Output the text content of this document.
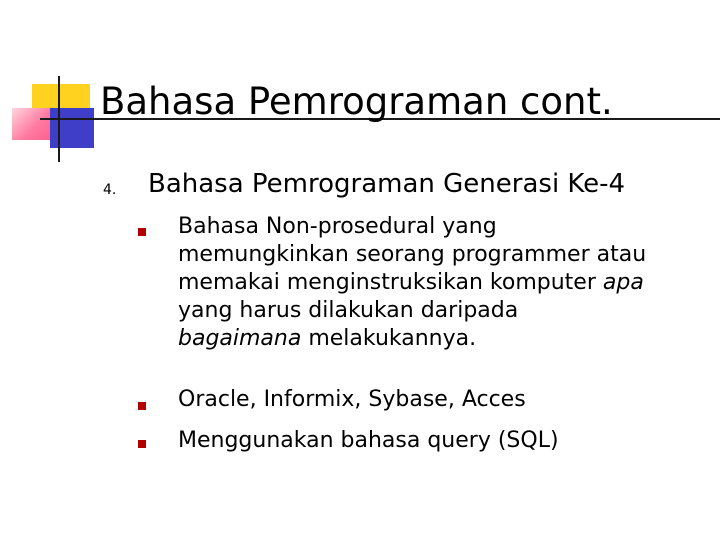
Bahasa Pemrograman cont.
4. Bahasa Pemrograman Generasi Ke-4
Bahasa Non-prosedural yang
memungkinkan seorang programmer atau
memakai menginstruksikan komputer apa
yang harus dilakukan daripada
bagaimana melakukannya.
Oracle, Informix, Sybase, Acces
Menggunakan bahasa query (SQL)
